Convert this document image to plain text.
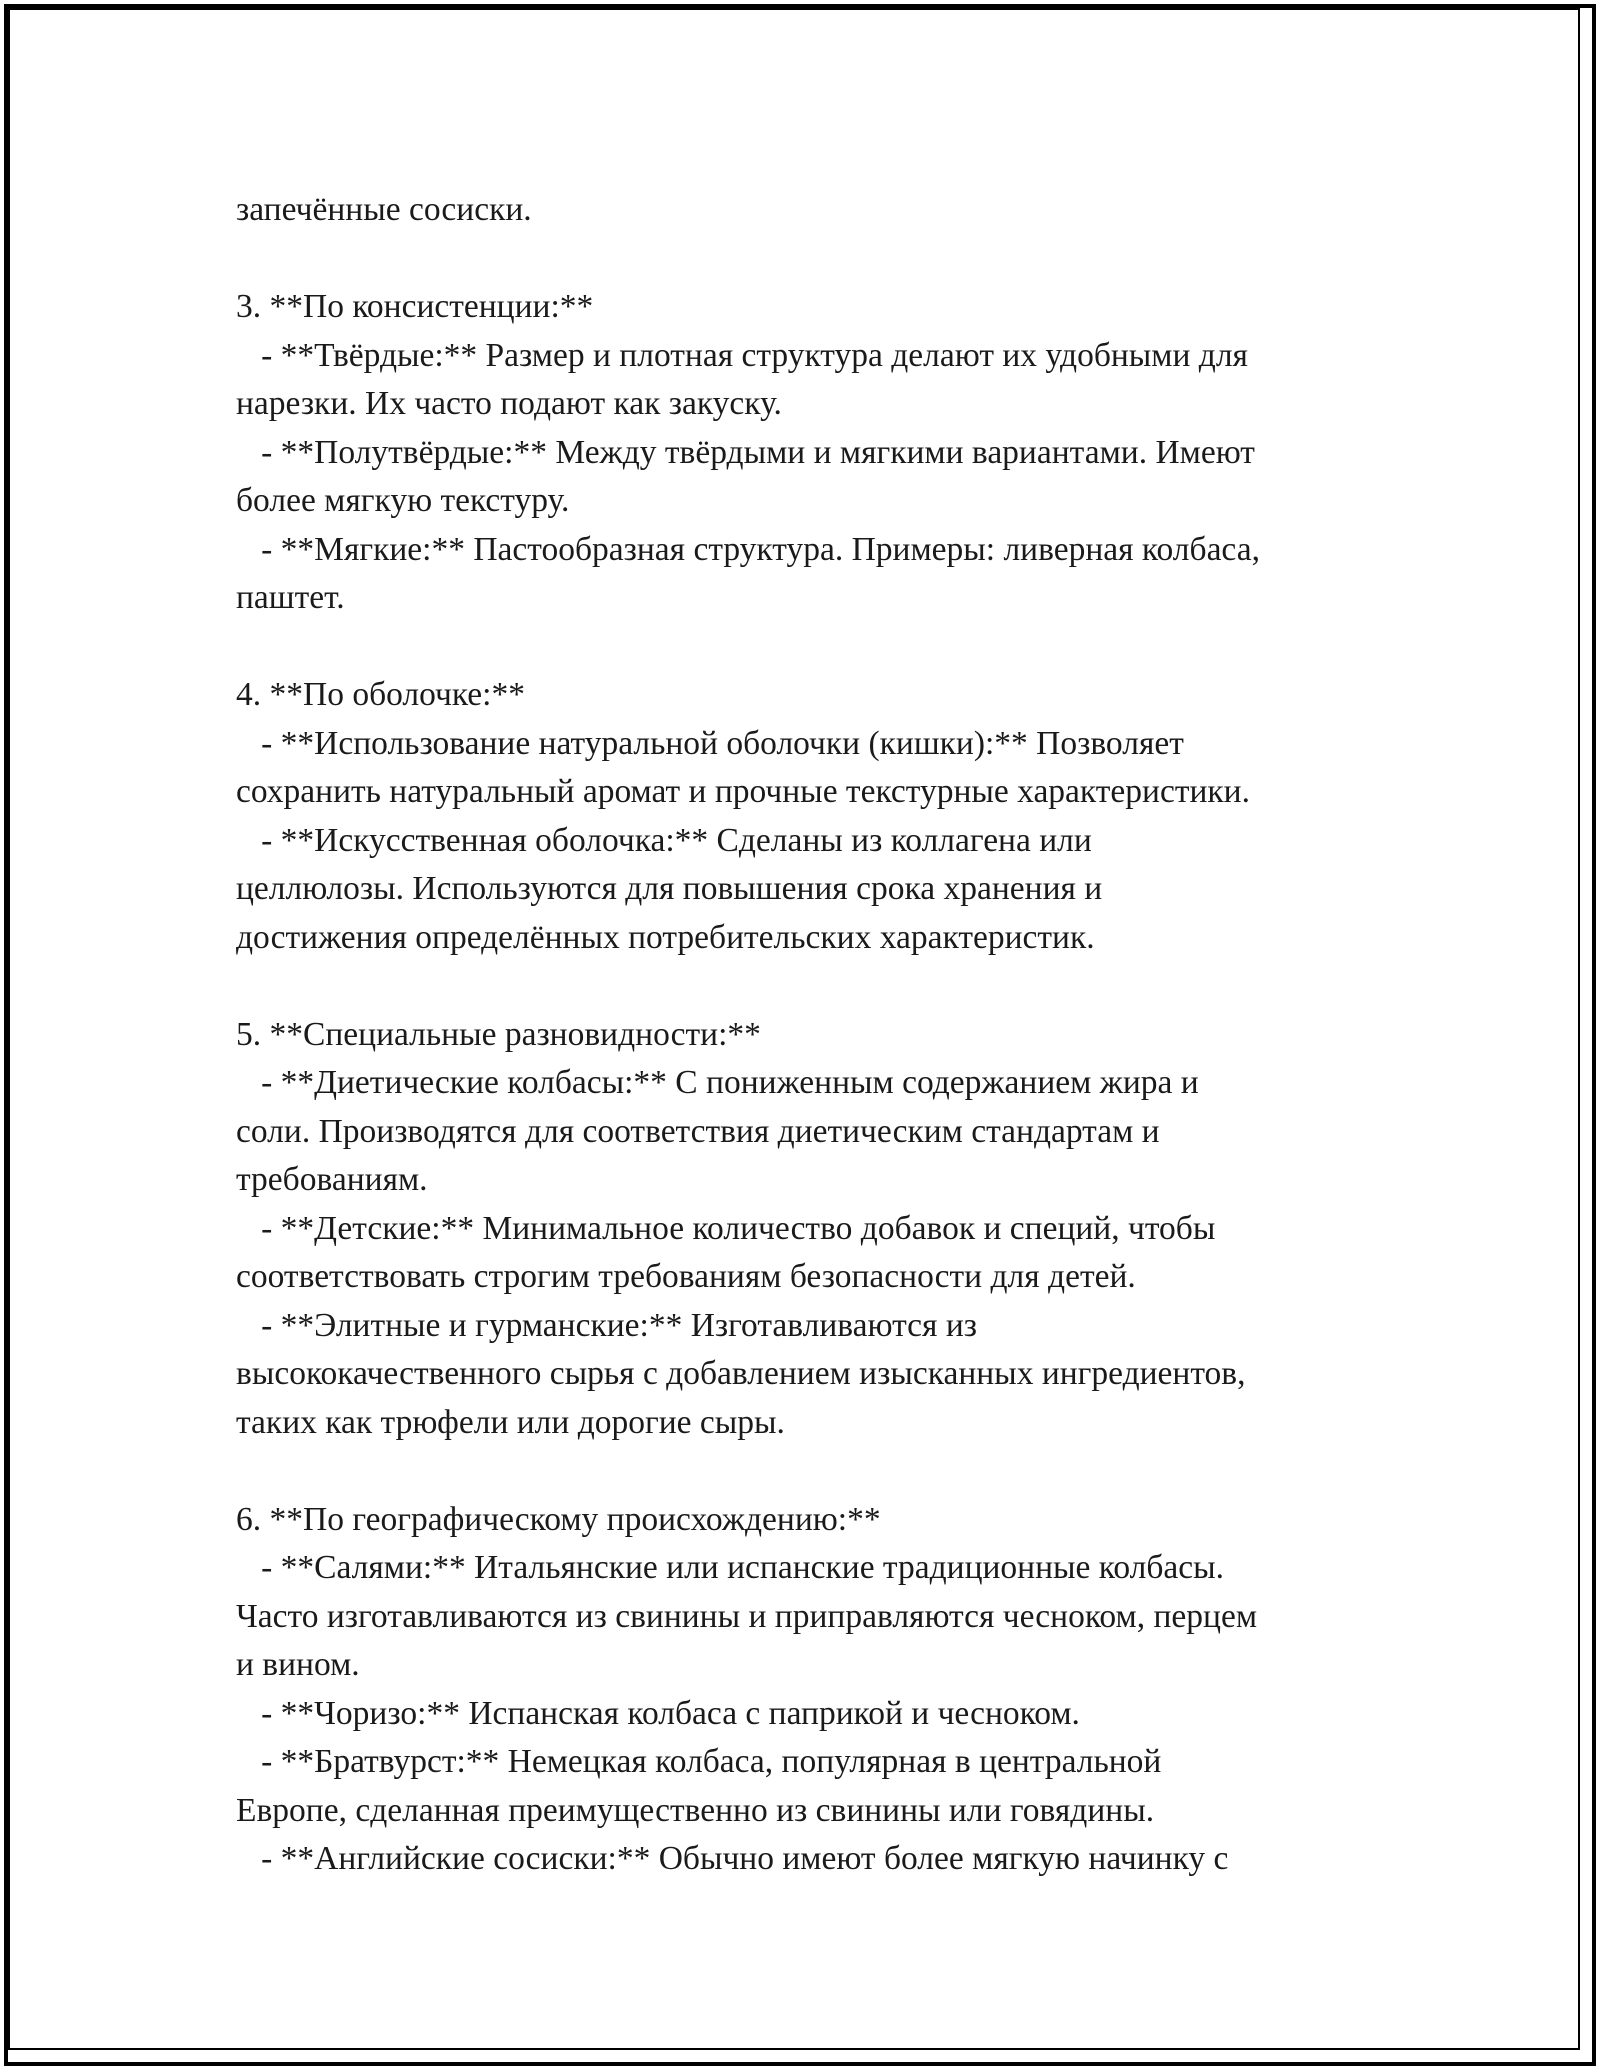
запечённые сосиски.
3. **По консистенции:**
- **Твёрдые:** Размер и плотная структура делают их удобными для
нарезки. Их часто подают как закуску.
- **Полутвёрдые:** Между твёрдыми и мягкими вариантами. Имеют
более мягкую текстуру.
- **Мягкие:** Пастообразная структура. Примеры: ливерная колбаса,
паштет.
4. **По оболочке:**
- **Использование натуральной оболочки (кишки):** Позволяет
сохранить натуральный аромат и прочные текстурные характеристики.
- **Искусственная оболочка:** Сделаны из коллагена или
целлюлозы. Используются для повышения срока хранения и
достижения определённых потребительских характеристик.
5. **Специальные разновидности:**
- **Диетические колбасы:** С пониженным содержанием жира и
соли. Производятся для соответствия диетическим стандартам и
требованиям.
- **Детские:** Минимальное количество добавок и специй, чтобы
соответствовать строгим требованиям безопасности для детей.
- **Элитные и гурманские:** Изготавливаются из
высококачественного сырья с добавлением изысканных ингредиентов,
таких как трюфели или дорогие сыры.
6. **По географическому происхождению:**
- **Салями:** Итальянские или испанские традиционные колбасы.
Часто изготавливаются из свинины и приправляются чесноком, перцем
и вином.
- **Чоризо:** Испанская колбаса с паприкой и чесноком.
- **Братвурст:** Немецкая колбаса, популярная в центральной
Европе, сделанная преимущественно из свинины или говядины.
- **Английские сосиски:** Обычно имеют более мягкую начинку с
